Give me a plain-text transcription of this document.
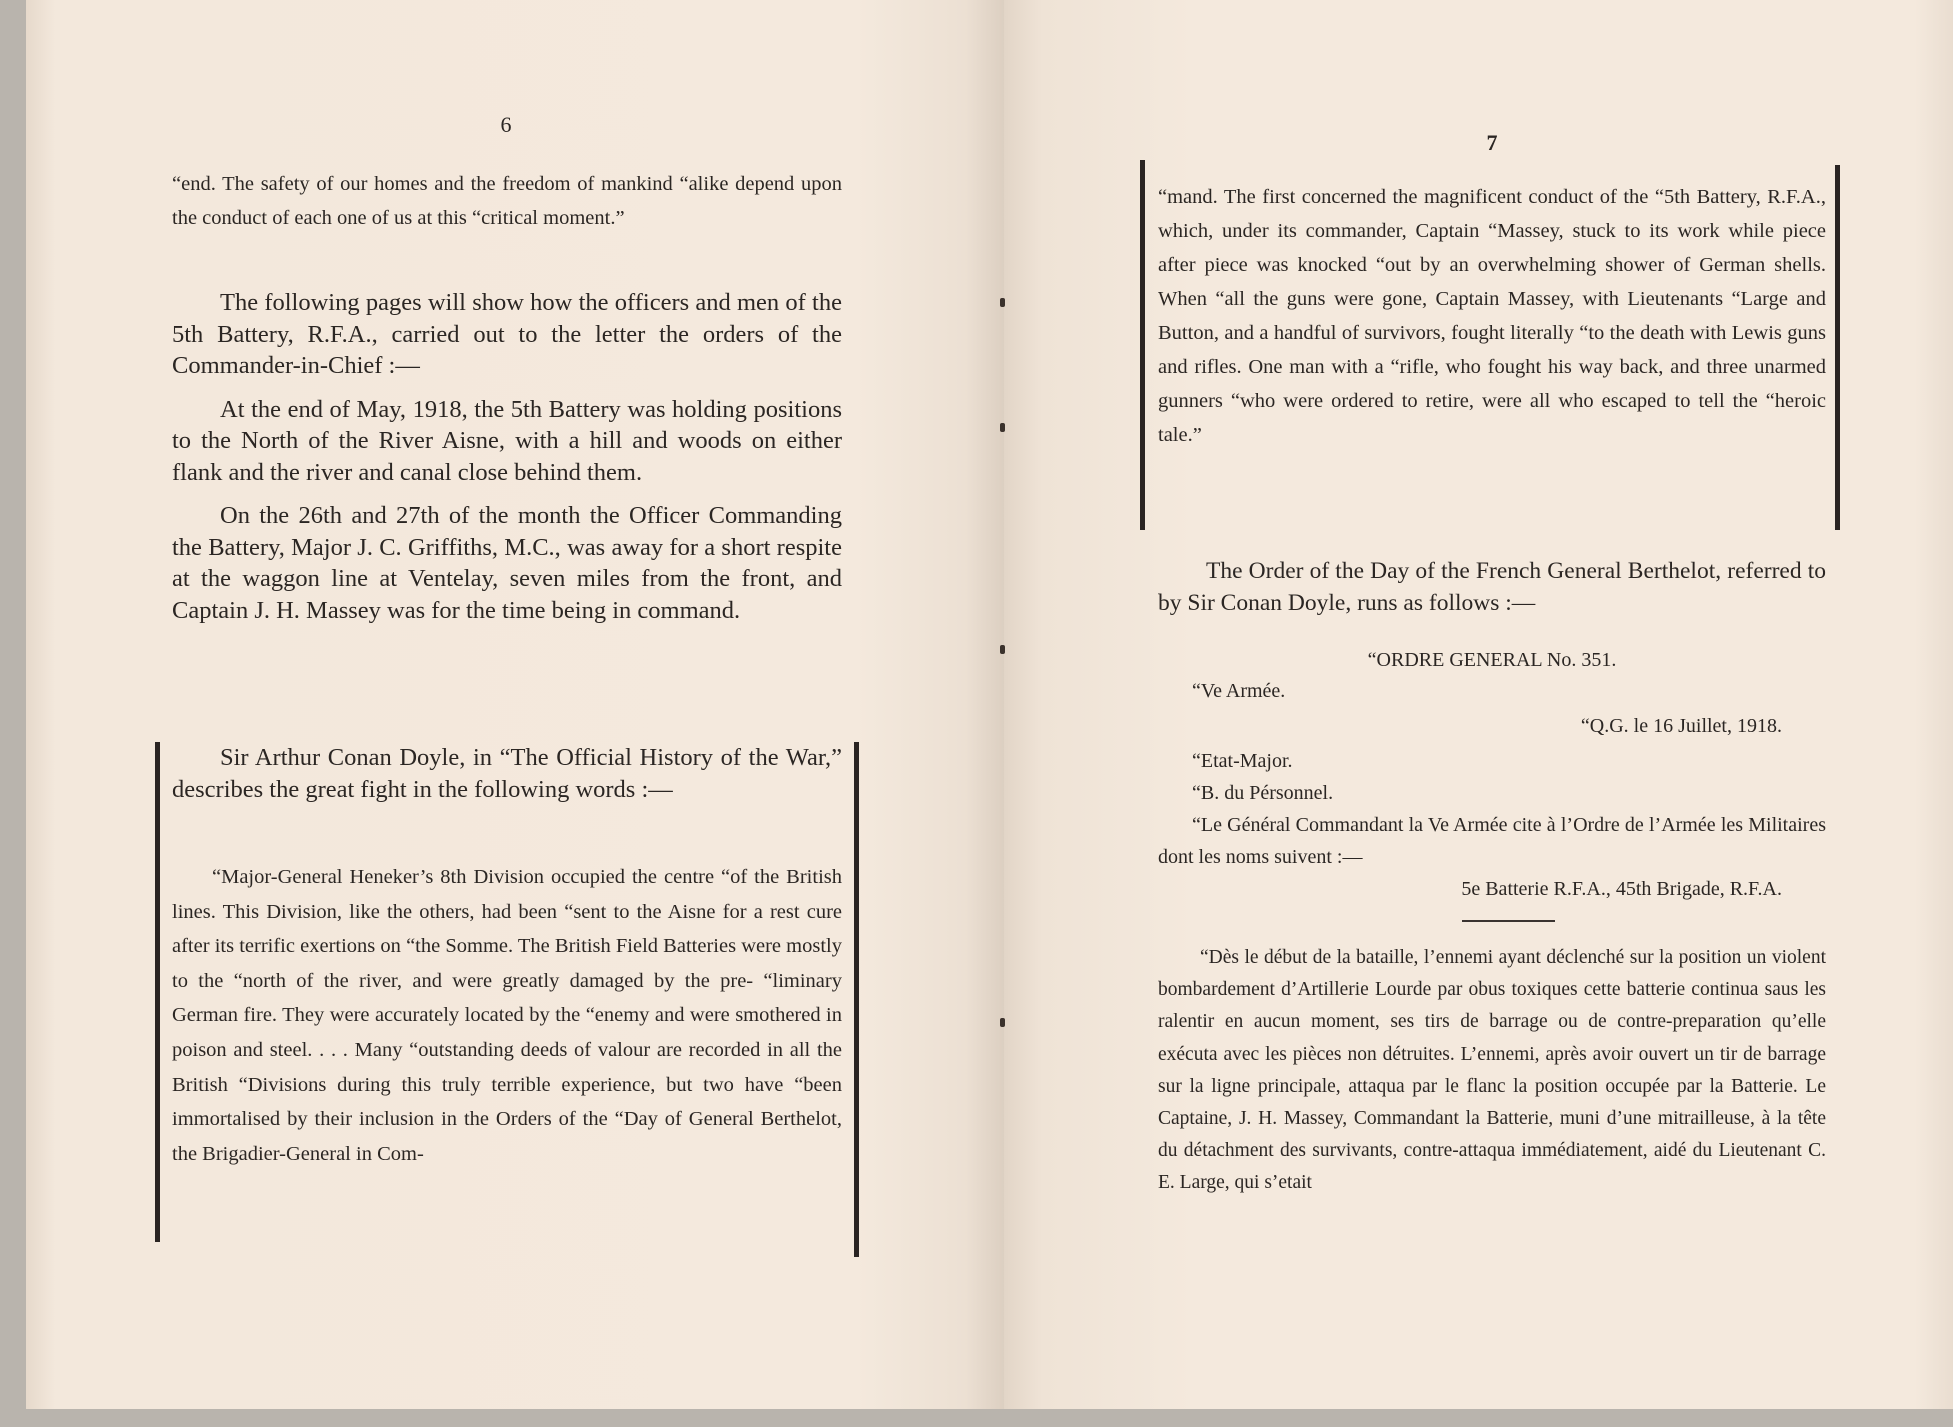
6

“end. The safety of our homes and the freedom of mankind “alike depend upon the conduct of each one of us at this “critical moment.”

The following pages will show how the officers and men of the 5th Battery, R.F.A., carried out to the letter the orders of the Commander-in-Chief :—

At the end of May, 1918, the 5th Battery was holding positions to the North of the River Aisne, with a hill and woods on either flank and the river and canal close behind them.

On the 26th and 27th of the month the Officer Commanding the Battery, Major J. C. Griffiths, M.C., was away for a short respite at the waggon line at Ventelay, seven miles from the front, and Captain J. H. Massey was for the time being in command.

Sir Arthur Conan Doyle, in “The Official History of the War,” describes the great fight in the following words :—

“Major-General Heneker’s 8th Division occupied the centre “of the British lines. This Division, like the others, had been “sent to the Aisne for a rest cure after its terrific exertions on “the Somme. The British Field Batteries were mostly to the “north of the river, and were greatly damaged by the pre- “liminary German fire. They were accurately located by the “enemy and were smothered in poison and steel. . . . Many “outstanding deeds of valour are recorded in all the British “Divisions during this truly terrible experience, but two have “been immortalised by their inclusion in the Orders of the “Day of General Berthelot, the Brigadier-General in Com-

7

“mand. The first concerned the magnificent conduct of the “5th Battery, R.F.A., which, under its commander, Captain “Massey, stuck to its work while piece after piece was knocked “out by an overwhelming shower of German shells. When “all the guns were gone, Captain Massey, with Lieutenants “Large and Button, and a handful of survivors, fought literally “to the death with Lewis guns and rifles. One man with a “rifle, who fought his way back, and three unarmed gunners “who were ordered to retire, were all who escaped to tell the “heroic tale.”

The Order of the Day of the French General Berthelot, referred to by Sir Conan Doyle, runs as follows :—

“ORDRE GENERAL No. 351.
“Ve Armée.
“Q.G. le 16 Juillet, 1918.
“Etat-Major.
“B. du Pérsonnel.

“Le Général Commandant la Ve Armée cite à l’Ordre de l’Armée les Militaires dont les noms suivent :—

5e Batterie R.F.A., 45th Brigade, R.F.A.

“Dès le début de la bataille, l’ennemi ayant déclenché sur la position un violent bombardement d’Artillerie Lourde par obus toxiques cette batterie continua saus les ralentir en aucun moment, ses tirs de barrage ou de contre-preparation qu’elle exécuta avec les pièces non détruites. L’ennemi, après avoir ouvert un tir de barrage sur la ligne principale, attaqua par le flanc la position occupée par la Batterie. Le Captaine, J. H. Massey, Commandant la Batterie, muni d’une mitrailleuse, à la tête du détachment des survivants, contre-attaqua immédiatement, aidé du Lieutenant C. E. Large, qui s’etait
